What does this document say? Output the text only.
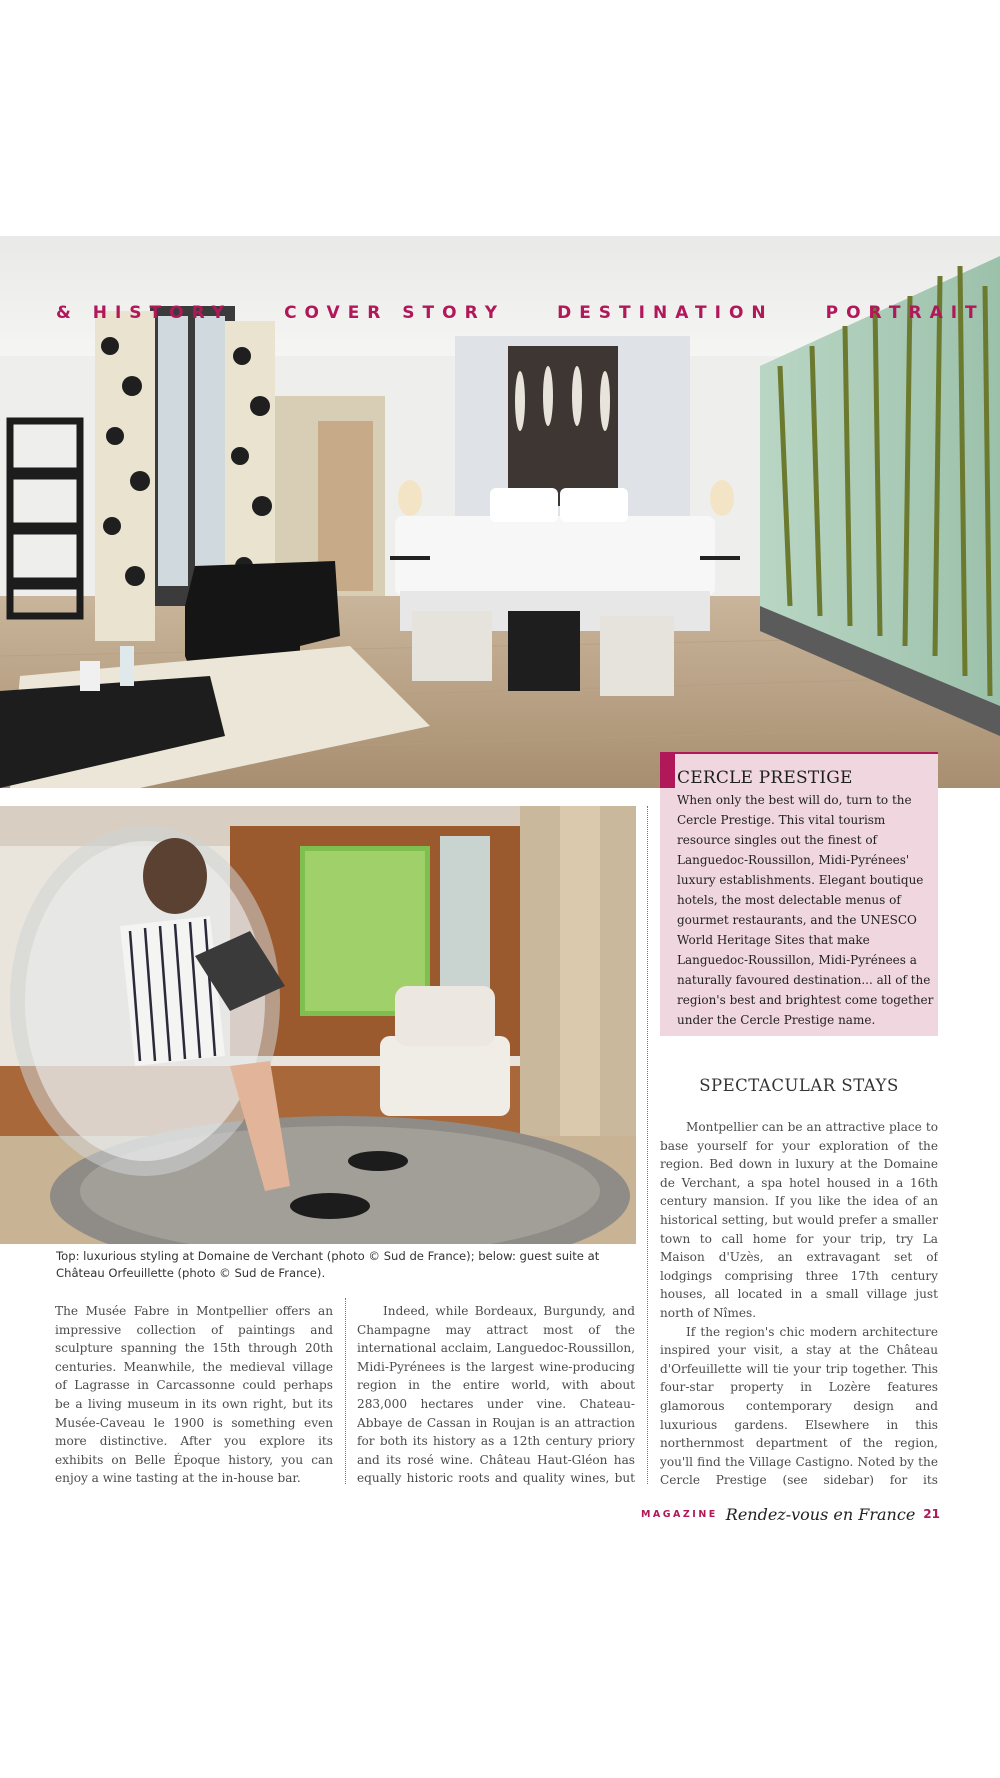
& HISTORY	COVER STORY	DESTINATION	PORTRAIT
CERCLE PRESTIGE

When only the best will do, turn to the Cercle Prestige. This vital tourism resource singles out the finest of Languedoc-Roussillon, Midi-Pyrénees' luxury establishments. Elegant boutique hotels, the most delectable menus of gourmet restaurants, and the UNESCO World Heritage Sites that make Languedoc-Roussillon, Midi-Pyrénees a naturally favoured destination... all of the region's best and brightest come together under the Cercle Prestige name.

Top: luxurious styling at Domaine de Verchant (photo © Sud de France); below: guest suite at Château Orfeuillette (photo © Sud de France).
The Musée Fabre in Montpellier offers an impressive collection of paintings and sculpture spanning the 15th through 20th centuries. Meanwhile, the medieval village of Lagrasse in Carcassonne could perhaps be a living museum in its own right, but its Musée-Caveau le 1900 is something even more distinctive. After you explore its exhibits on Belle Époque history, you can enjoy a wine tasting at the in-house bar.
Indeed, while Bordeaux, Burgundy, and Champagne may attract most of the international acclaim, Languedoc-Roussillon, Midi-Pyrénees is the largest wine-producing region in the entire world, with about 283,000 hectares under vine. Chateau-Abbaye de Cassan in Roujan is an attraction for both its history as a 12th century priory and its rosé wine. Château Haut-Gléon has equally historic roots and quality wines, but
SPECTACULAR STAYS

Montpellier can be an attractive place to base yourself for your exploration of the region. Bed down in luxury at the Domaine de Verchant, a spa hotel housed in a 16th century mansion. If you like the idea of an historical setting, but would prefer a smaller town to call home for your trip, try La Maison d'Uzès, an extravagant set of lodgings comprising three 17th century houses, all located in a small village just north of Nîmes.

If the region's chic modern architecture inspired your visit, a stay at the Château d'Orfeuillette will tie your trip together. This four-star property in Lozère features glamorous contemporary design and luxurious gardens. Elsewhere in this northernmost department of the region, you'll find the Village Castigno. Noted by the Cercle Prestige (see sidebar) for its

MAGAZINE Rendez-vous en France 21
